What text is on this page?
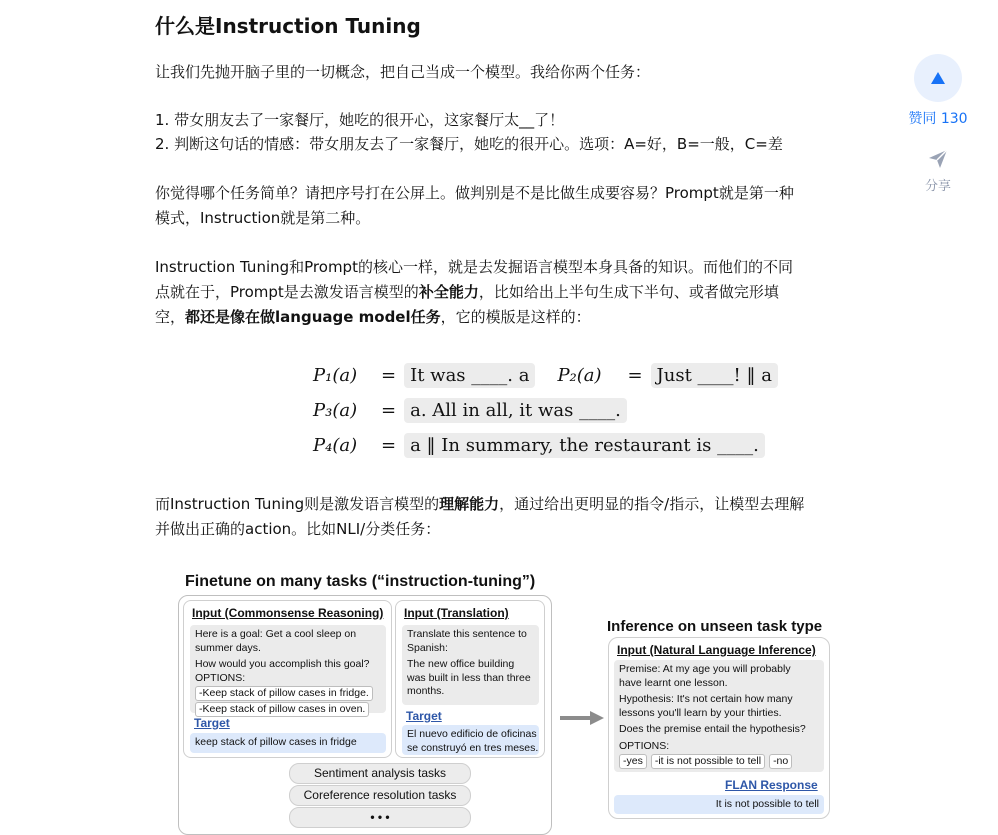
什么是Instruction Tuning
让我们先抛开脑子里的一切概念，把自己当成一个模型。我给你两个任务：
1. 带女朋友去了一家餐厅，她吃的很开心，这家餐厅太__了！
2. 判断这句话的情感：带女朋友去了一家餐厅，她吃的很开心。选项：A=好，B=一般，C=差
你觉得哪个任务简单？请把序号打在公屏上。做判别是不是比做生成要容易？Prompt就是第一种
模式，Instruction就是第二种。
Instruction Tuning和Prompt的核心一样，就是去发掘语言模型本身具备的知识。而他们的不同
点就在于，Prompt是去激发语言模型的补全能力，比如给出上半句生成下半句、或者做完形填
空，都还是像在做language model任务，它的模版是这样的：
而Instruction Tuning则是激发语言模型的理解能力，通过给出更明显的指令/指示，让模型去理解
并做出正确的action。比如NLI/分类任务：
P₁(a) = It was ____. a P₂(a) = Just ____! ‖ a
P₃(a) = a. All in all, it was ____.
P₄(a) = a ‖ In summary, the restaurant is ____.
赞同 130
分享
Finetune on many tasks (“instruction-tuning”)
Input (Commonsense Reasoning)
Here is a goal: Get a cool sleep on
summer days.
How would you accomplish this goal?
OPTIONS:
-Keep stack of pillow cases in fridge.
-Keep stack of pillow cases in oven.
Target
keep stack of pillow cases in fridge
Input (Translation)
Translate this sentence to
Spanish:
The new office building
was built in less than three
months.
Target
El nuevo edificio de oficinas
se construyó en tres meses.
Sentiment analysis tasks
Coreference resolution tasks
• • •
Inference on unseen task type
Input (Natural Language Inference)
Premise: At my age you will probably
have learnt one lesson.
Hypothesis: It's not certain how many
lessons you'll learn by your thirties.
Does the premise entail the hypothesis?
OPTIONS:
-yes -it is not possible to tell -no
FLAN Response
It is not possible to tell
